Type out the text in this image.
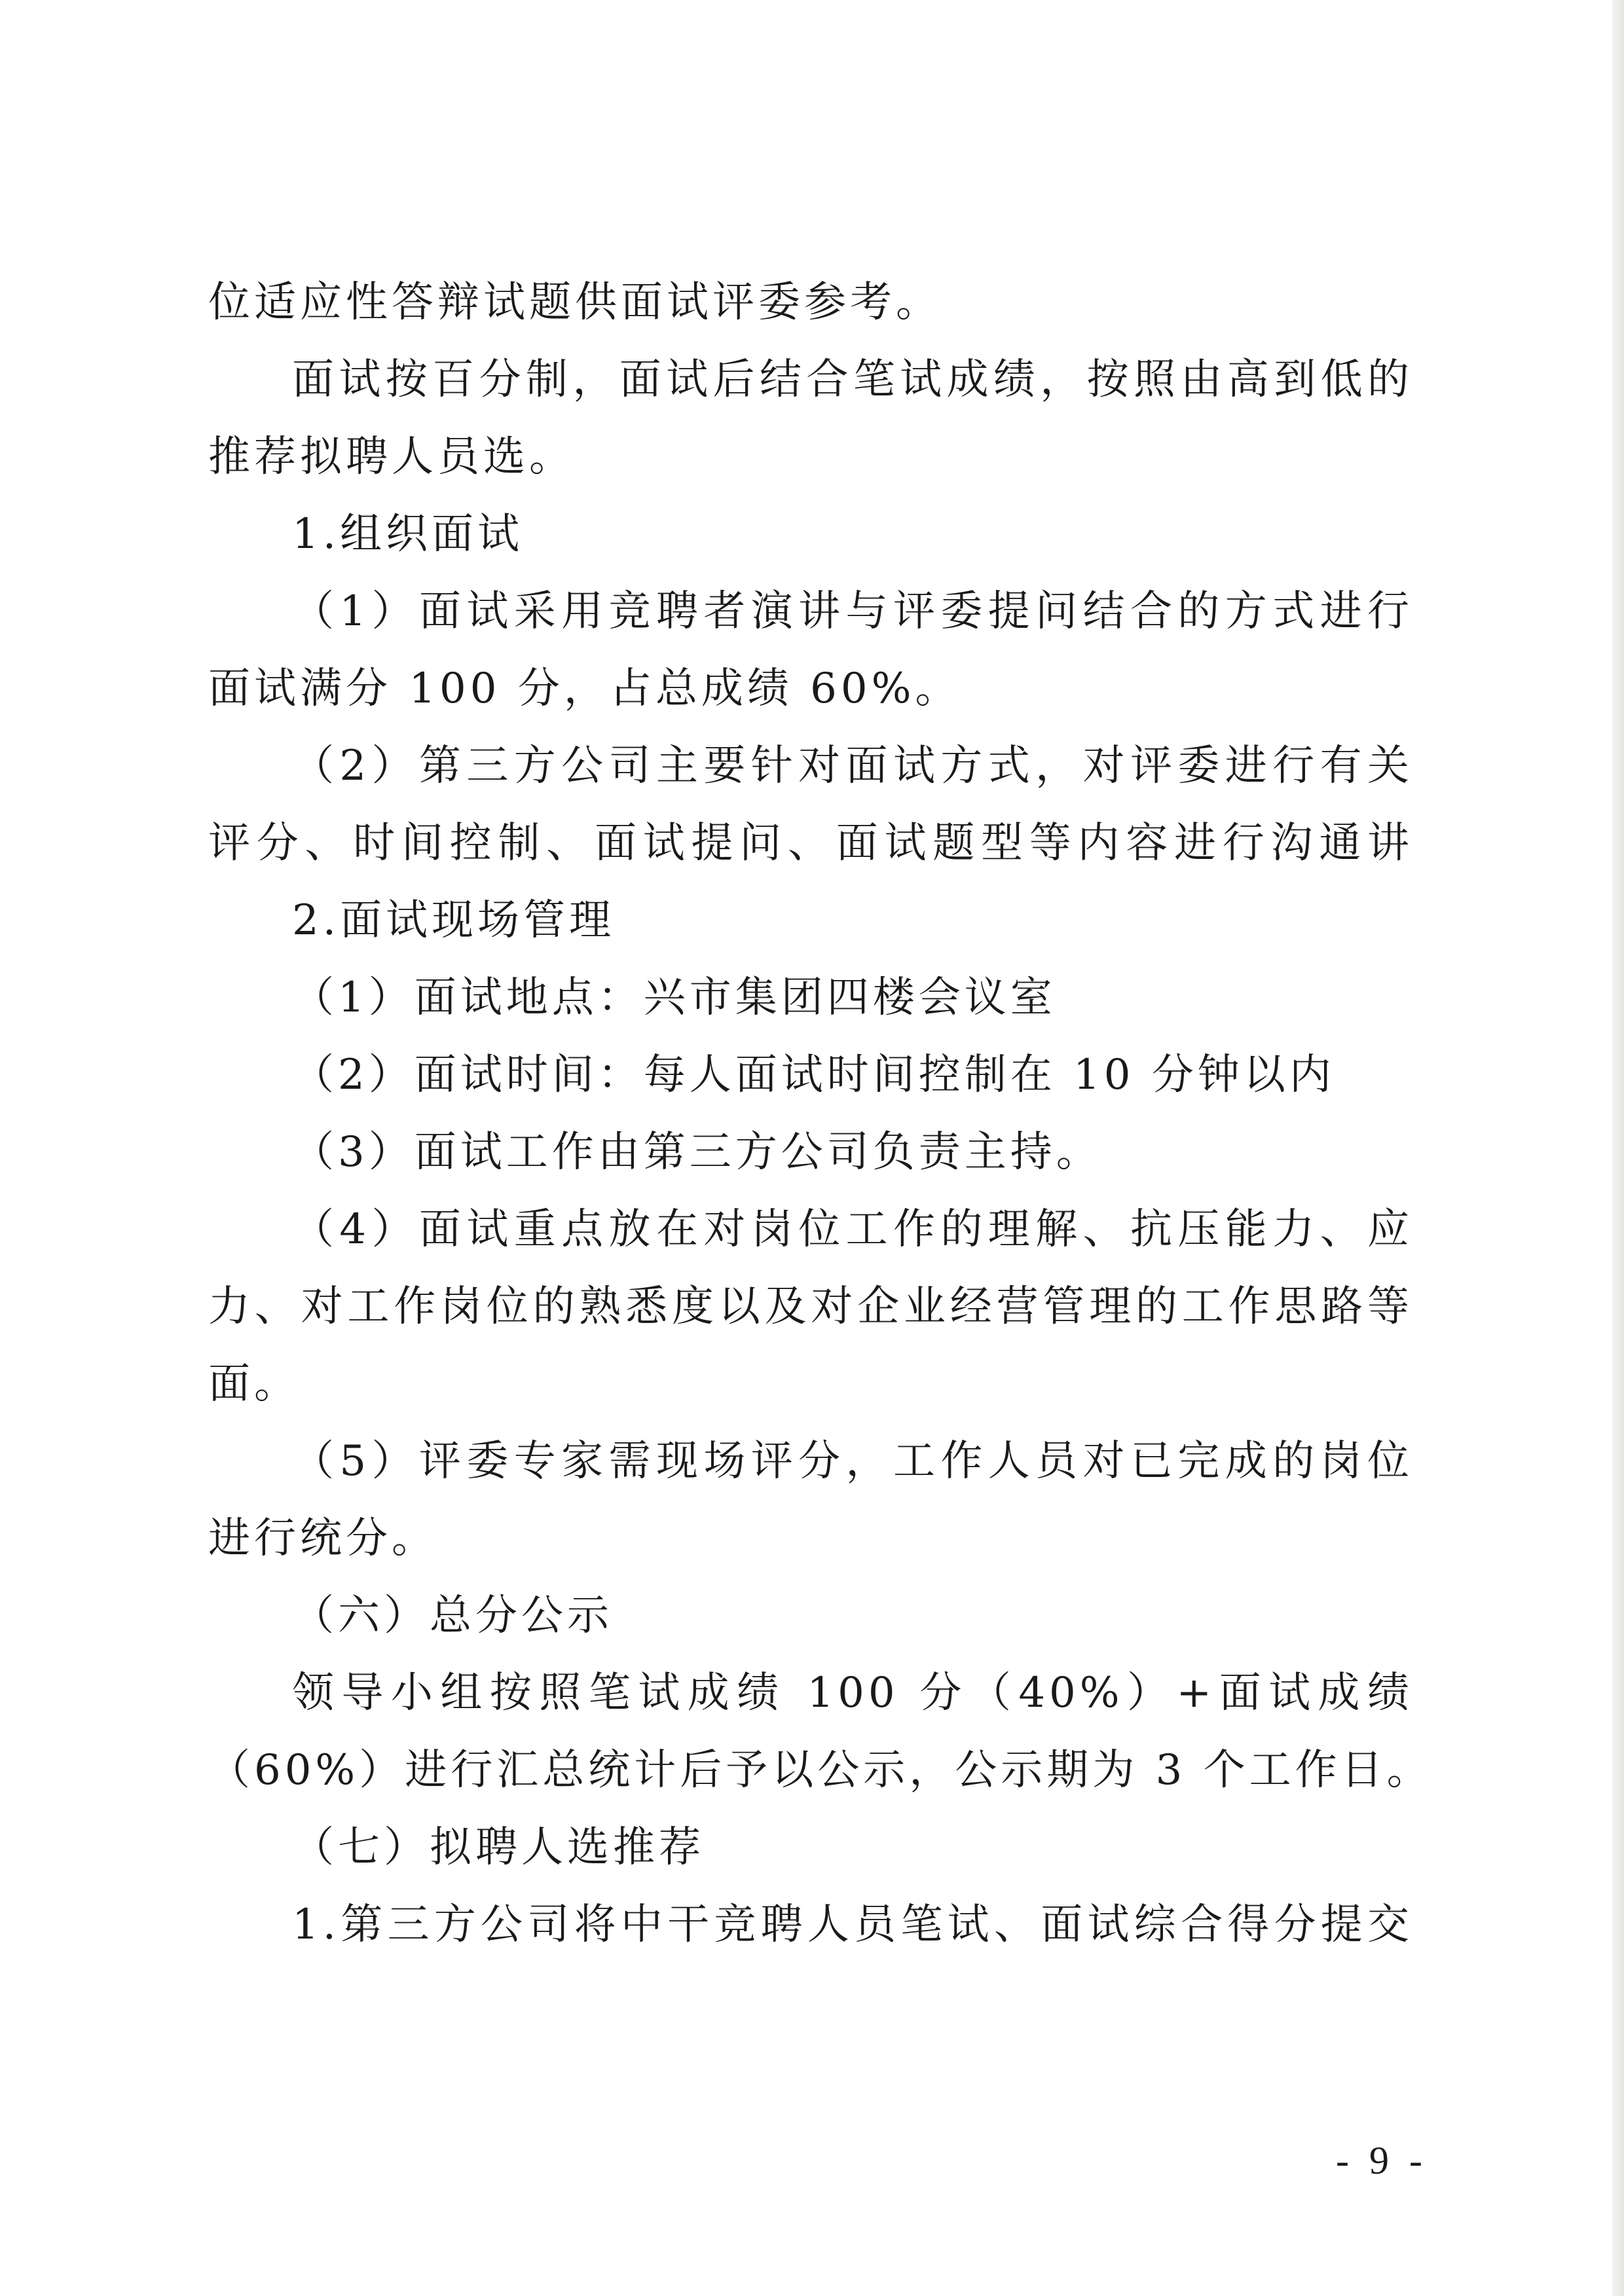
位适应性答辩试题供面试评委参考。
面试按百分制，面试后结合笔试成绩，按照由高到低的
推荐拟聘人员选。
1.组织面试
（1）面试采用竞聘者演讲与评委提问结合的方式进行
面试满分 100 分，占总成绩 60%。
（2）第三方公司主要针对面试方式，对评委进行有关
评分、时间控制、面试提问、面试题型等内容进行沟通讲
2.面试现场管理
（1）面试地点：兴市集团四楼会议室
（2）面试时间：每人面试时间控制在 10 分钟以内
（3）面试工作由第三方公司负责主持。
（4）面试重点放在对岗位工作的理解、抗压能力、应
力、对工作岗位的熟悉度以及对企业经营管理的工作思路等
面。
（5）评委专家需现场评分，工作人员对已完成的岗位
进行统分。
（六）总分公示
领导小组按照笔试成绩 100 分（40%）+面试成绩
（60%）进行汇总统计后予以公示，公示期为 3 个工作日。
（七）拟聘人选推荐
1.第三方公司将中干竞聘人员笔试、面试综合得分提交
- 9 -
